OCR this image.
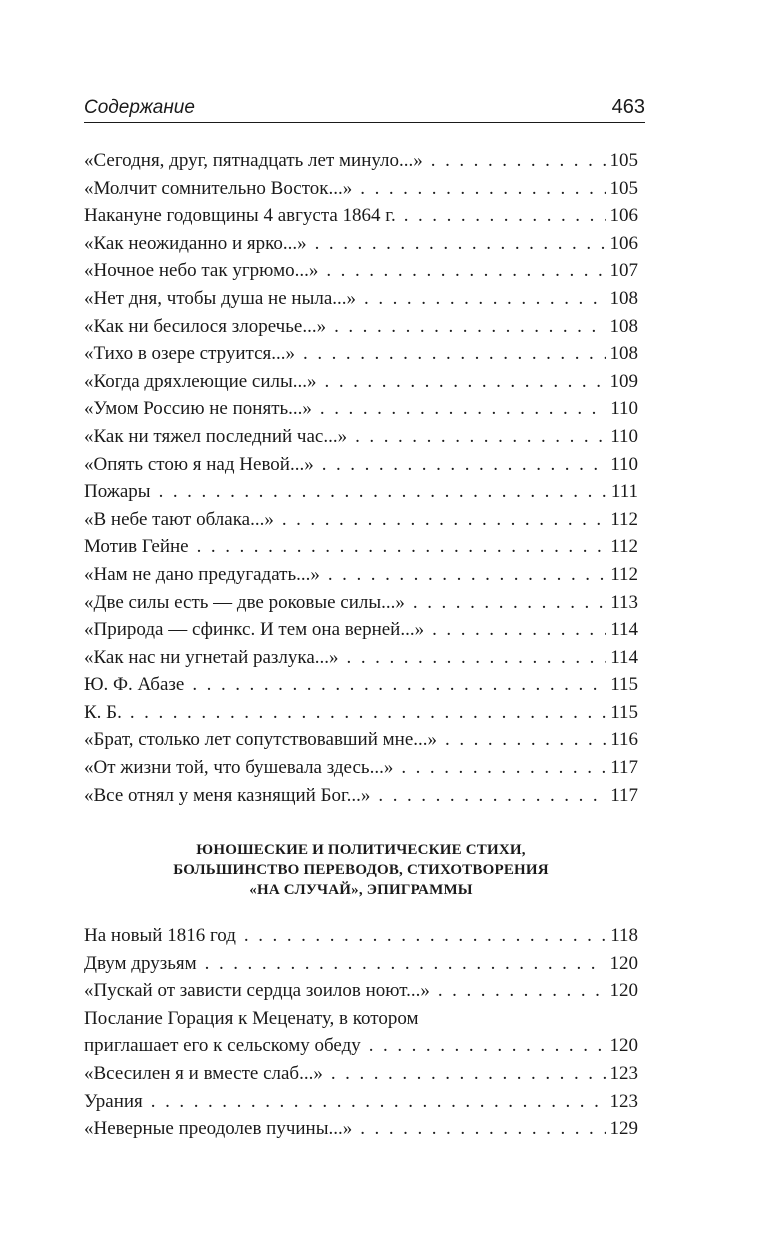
Содержание	463
«Сегодня, друг, пятнадцать лет минуло...» . . .	105
«Молчит сомнительно Восток...» . . .	105
Накануне годовщины 4 августа 1864 г. . . .	106
«Как неожиданно и ярко...» . . .	106
«Ночное небо так угрюмо...» . . .	107
«Нет дня, чтобы душа не ныла...» . . .	108
«Как ни бесилося злоречье...» . . .	108
«Тихо в озере струится...» . . .	108
«Когда дряхлеющие силы...» . . .	109
«Умом Россию не понять...» . . .	110
«Как ни тяжел последний час...» . . .	110
«Опять стою я над Невой...» . . .	110
Пожары . . .	111
«В небе тают облака...» . . .	112
Мотив Гейне . . .	112
«Нам не дано предугадать...» . . .	112
«Две силы есть — две роковые силы...» . . .	113
«Природа — сфинкс. И тем она верней...» . . .	114
«Как нас ни угнетай разлука...» . . .	114
Ю. Ф. Абазе . . .	115
К. Б. . . .	115
«Брат, столько лет сопутствовавший мне...» . . .	116
«От жизни той, что бушевала здесь...» . . .	117
«Все отнял у меня казнящий Бог...» . . .	117
ЮНОШЕСКИЕ И ПОЛИТИЧЕСКИЕ СТИХИ,
БОЛЬШИНСТВО ПЕРЕВОДОВ, СТИХОТВОРЕНИЯ
«НА СЛУЧАЙ», ЭПИГРАММЫ
На новый 1816 год . . .	118
Двум друзьям . . .	120
«Пускай от зависти сердца зоилов ноют...» . . .	120
Послание Горация к Меценату, в котором
приглашает его к сельскому обеду . . .	120
«Всесилен я и вместе слаб...» . . .	123
Урания . . .	123
«Неверные преодолев пучины...» . . .	129
